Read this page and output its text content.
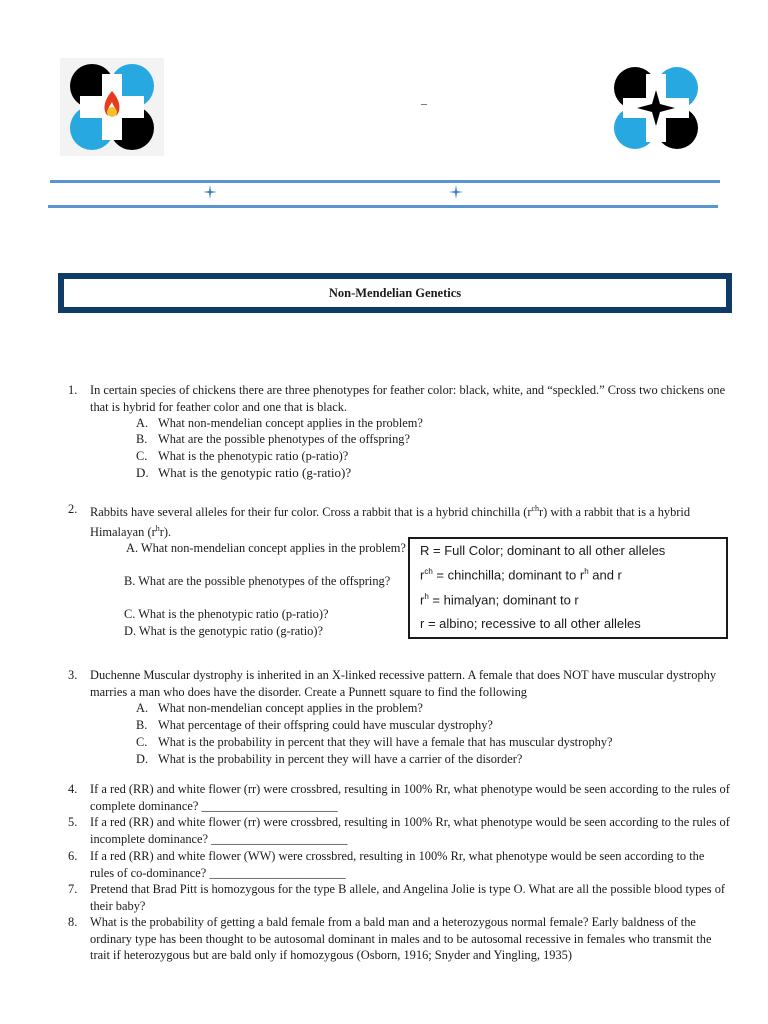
–
Non-Mendelian Genetics
1. In certain species of chickens there are three phenotypes for feather color: black, white, and “speckled.” Cross two chickens one that is hybrid for feather color and one that is black.
A. What non-mendelian concept applies in the problem?
B. What are the possible phenotypes of the offspring?
C. What is the phenotypic ratio (p-ratio)?
D. What is the genotypic ratio (g-ratio)?
2. Rabbits have several alleles for their fur color. Cross a rabbit that is a hybrid chinchilla $(r^{ch}r)$ with a rabbit that is a hybrid Himalayan $(r^hr)$.
A. What non-mendelian concept applies in the problem?
B. What are the possible phenotypes of the offspring?
C. What is the phenotypic ratio (p-ratio)?
D. What is the genotypic ratio (g-ratio)?
R = Full Color; dominant to all other alleles
$r^{ch}$ = chinchilla; dominant to $r^h$ and r
$r^h$ = himalyan; dominant to r
r = albino; recessive to all other alleles
3. Duchenne Muscular dystrophy is inherited in an X-linked recessive pattern. A female that does NOT have muscular dystrophy marries a man who does have the disorder. Create a Punnett square to find the following
A. What non-mendelian concept applies in the problem?
B. What percentage of their offspring could have muscular dystrophy?
C. What is the probability in percent that they will have a female that has muscular dystrophy?
D. What is the probability in percent they will have a carrier of the disorder?
4. If a red (RR) and white flower (rr) were crossbred, resulting in 100% Rr, what phenotype would be seen according to the rules of complete dominance? ______________________
5. If a red (RR) and white flower (rr) were crossbred, resulting in 100% Rr, what phenotype would be seen according to the rules of incomplete dominance? ______________________
6. If a red (RR) and white flower (WW) were crossbred, resulting in 100% Rr, what phenotype would be seen according to the rules of co-dominance? ______________________
7. Pretend that Brad Pitt is homozygous for the type B allele, and Angelina Jolie is type O. What are all the possible blood types of their baby?
8. What is the probability of getting a bald female from a bald man and a heterozygous normal female? Early baldness of the ordinary type has been thought to be autosomal dominant in males and to be autosomal recessive in females who transmit the trait if heterozygous but are bald only if homozygous (Osborn, 1916; Snyder and Yingling, 1935)
